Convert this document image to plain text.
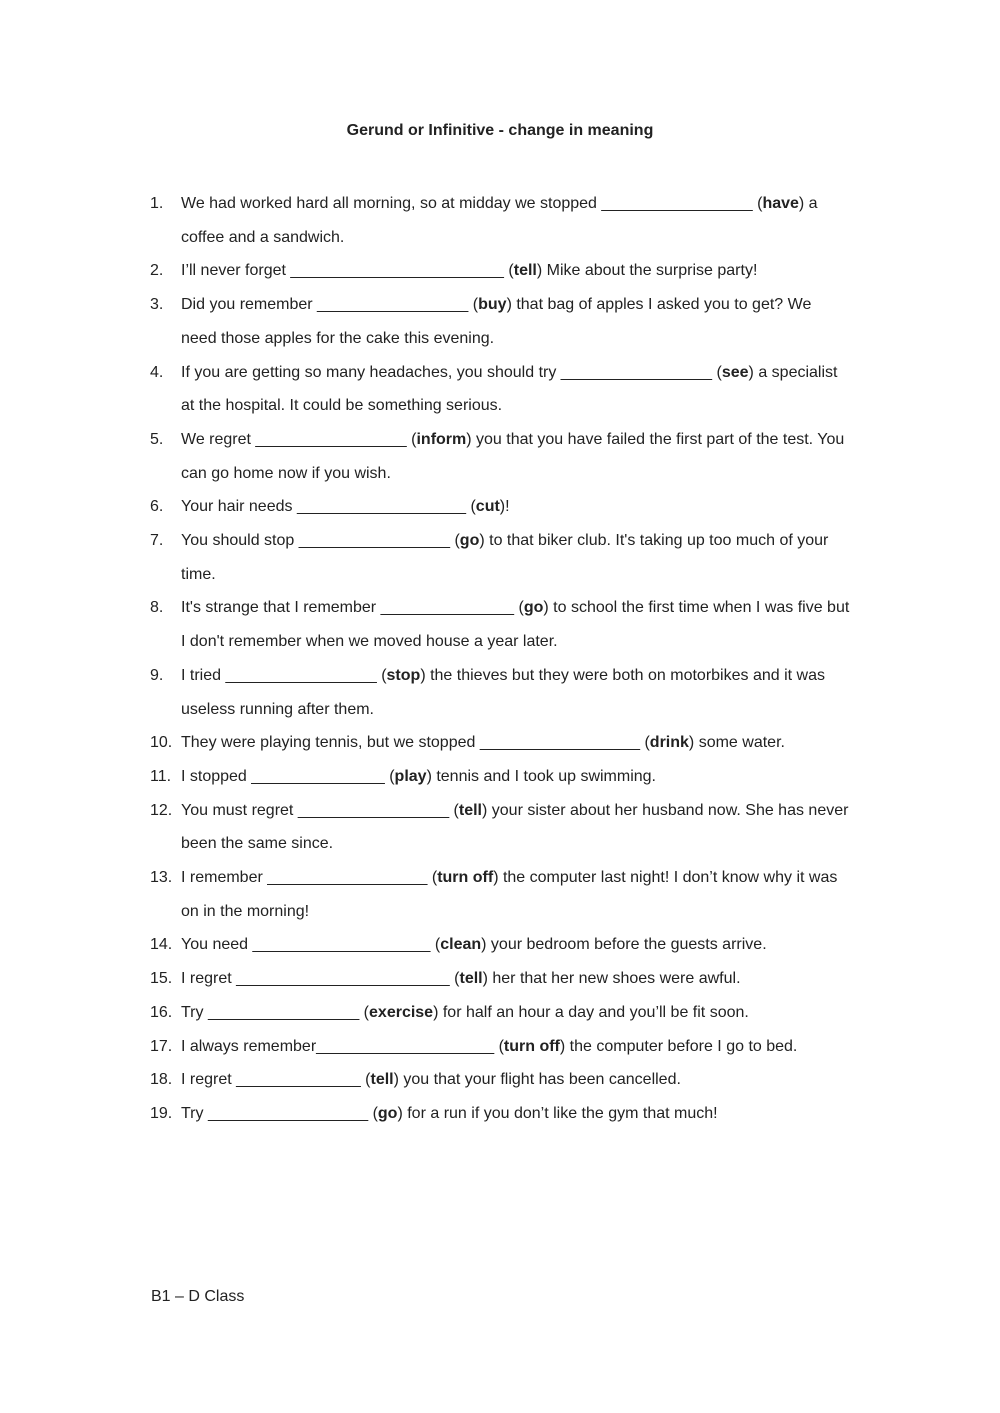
Gerund or Infinitive - change in meaning
1. We had worked hard all morning, so at midday we stopped _________________ (have) a coffee and a sandwich.
2. I’ll never forget ________________________ (tell) Mike about the surprise party!
3. Did you remember _________________ (buy) that bag of apples I asked you to get? We need those apples for the cake this evening.
4. If you are getting so many headaches, you should try _________________ (see) a specialist at the hospital. It could be something serious.
5. We regret _________________ (inform) you that you have failed the first part of the test. You can go home now if you wish.
6. Your hair needs ___________________ (cut)!
7. You should stop _________________ (go) to that biker club. It's taking up too much of your time.
8. It's strange that I remember _______________ (go) to school the first time when I was five but I don't remember when we moved house a year later.
9. I tried _________________ (stop) the thieves but they were both on motorbikes and it was useless running after them.
10. They were playing tennis, but we stopped __________________ (drink) some water.
11. I stopped _______________ (play) tennis and I took up swimming.
12. You must regret _________________ (tell) your sister about her husband now. She has never been the same since.
13. I remember __________________ (turn off) the computer last night! I don’t know why it was on in the morning!
14. You need ____________________ (clean) your bedroom before the guests arrive.
15. I regret ________________________ (tell) her that her new shoes were awful.
16. Try _________________ (exercise) for half an hour a day and you’ll be fit soon.
17. I always remember____________________ (turn off) the computer before I go to bed.
18. I regret ______________ (tell) you that your flight has been cancelled.
19. Try __________________ (go) for a run if you don’t like the gym that much!
B1 – D Class
